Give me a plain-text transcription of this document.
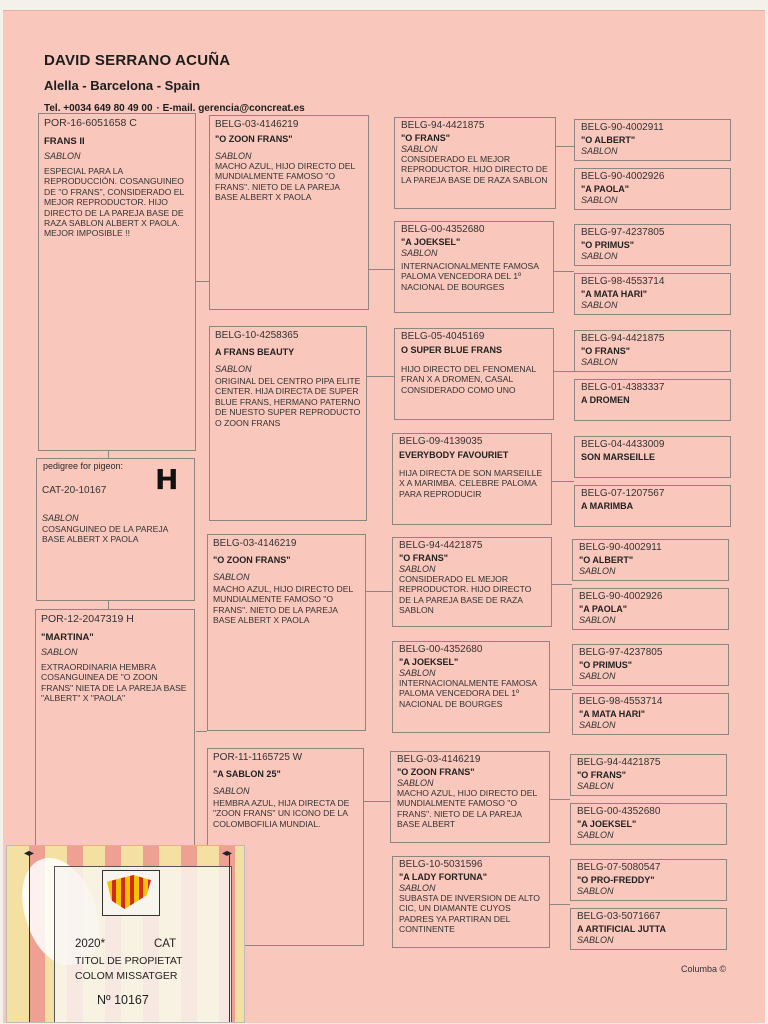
DAVID SERRANO ACUÑA
Alella - Barcelona - Spain
Tel. +0034 649 80 49 00 · E-mail. gerencia@concreat.es
POR-16-6051658 C
FRANS II
SABLON
ESPECIAL PARA LA REPRODUCCIÓN. COSANGUINEO DE "O FRANS", CONSIDERADO EL MEJOR REPRODUCTOR. HIJO DIRECTO DE LA PAREJA BASE DE RAZA SABLON ALBERT X PAOLA. MEJOR IMPOSIBLE !!
pedigree for pigeon:
CAT-20-10167
SABLON
COSANGUINEO DE LA PAREJA BASE ALBERT X PAOLA
H
POR-12-2047319 H
"MARTINA"
SABLON
EXTRAORDINARIA HEMBRA COSANGUINEA DE "O ZOON FRANS" NIETA DE LA PAREJA BASE "ALBERT" X "PAOLA"
BELG-03-4146219
"O ZOON FRANS"
SABLON
MACHO AZUL, HIJO DIRECTO DEL MUNDIALMENTE FAMOSO "O FRANS". NIETO DE LA PAREJA BASE ALBERT X PAOLA
BELG-10-4258365
A FRANS BEAUTY
SABLON
ORIGINAL DEL CENTRO PIPA ELITE CENTER. HIJA DIRECTA DE SUPER BLUE FRANS, HERMANO PATERNO DE NUESTO SUPER REPRODUCTO O ZOON FRANS
BELG-03-4146219
"O ZOON FRANS"
SABLON
MACHO AZUL, HIJO DIRECTO DEL MUNDIALMENTE FAMOSO "O FRANS". NIETO DE LA PAREJA BASE ALBERT X PAOLA
POR-11-1165725 W
"A SABLON 25"
SABLON
HEMBRA AZUL, HIJA DIRECTA DE "ZOON FRANS" UN ICONO DE LA COLOMBOFILIA MUNDIAL.
BELG-94-4421875
"O FRANS"
SABLON
CONSIDERADO EL MEJOR REPRODUCTOR. HIJO DIRECTO DE LA PAREJA BASE DE RAZA SABLON
BELG-00-4352680
"A JOEKSEL"
SABLON
INTERNACIONALMENTE FAMOSA PALOMA VENCEDORA DEL 1º NACIONAL DE BOURGES
BELG-05-4045169
O SUPER BLUE FRANS
HIJO DIRECTO DEL FENOMENAL FRAN X A DROMEN, CASAL CONSIDERADO COMO UNO
BELG-09-4139035
EVERYBODY FAVOURIET
HIJA DIRECTA DE SON MARSEILLE X A MARIMBA. CELEBRE PALOMA PARA REPRODUCIR
BELG-94-4421875
"O FRANS"
SABLON
CONSIDERADO EL MEJOR REPRODUCTOR. HIJO DIRECTO DE LA PAREJA BASE DE RAZA SABLON
BELG-00-4352680
"A JOEKSEL"
SABLON
INTERNACIONALMENTE FAMOSA PALOMA VENCEDORA DEL 1º NACIONAL DE BOURGES
BELG-03-4146219
"O ZOON FRANS"
SABLON
MACHO AZUL, HIJO DIRECTO DEL MUNDIALMENTE FAMOSO "O FRANS". NIETO DE LA PAREJA BASE ALBERT
BELG-10-5031596
"A LADY FORTUNA"
SABLON
SUBASTA DE INVERSION DE ALTO CIC, UN DIAMANTE CUYOS PADRES YA PARTIRAN DEL CONTINENTE
BELG-90-4002911
"O ALBERT"
SABLON
BELG-90-4002926
"A PAOLA"
SABLON
BELG-97-4237805
"O PRIMUS"
SABLON
BELG-98-4553714
"A MATA HARI"
SABLON
BELG-94-4421875
"O FRANS"
SABLON
BELG-01-4383337
A DROMEN
BELG-04-4433009
SON MARSEILLE
BELG-07-1207567
A MARIMBA
BELG-90-4002911
"O ALBERT"
SABLON
BELG-90-4002926
"A PAOLA"
SABLON
BELG-97-4237805
"O PRIMUS"
SABLON
BELG-98-4553714
"A MATA HARI"
SABLON
BELG-94-4421875
"O FRANS"
SABLON
BELG-00-4352680
"A JOEKSEL"
SABLON
BELG-07-5080547
"O PRO-FREDDY"
SABLON
BELG-03-5071667
A ARTIFICIAL JUTTA
SABLON
Columba ©
◂▸	◂▸
2020*	CAT
TITOL DE PROPIETAT
COLOM MISSATGER
Nº 10167
